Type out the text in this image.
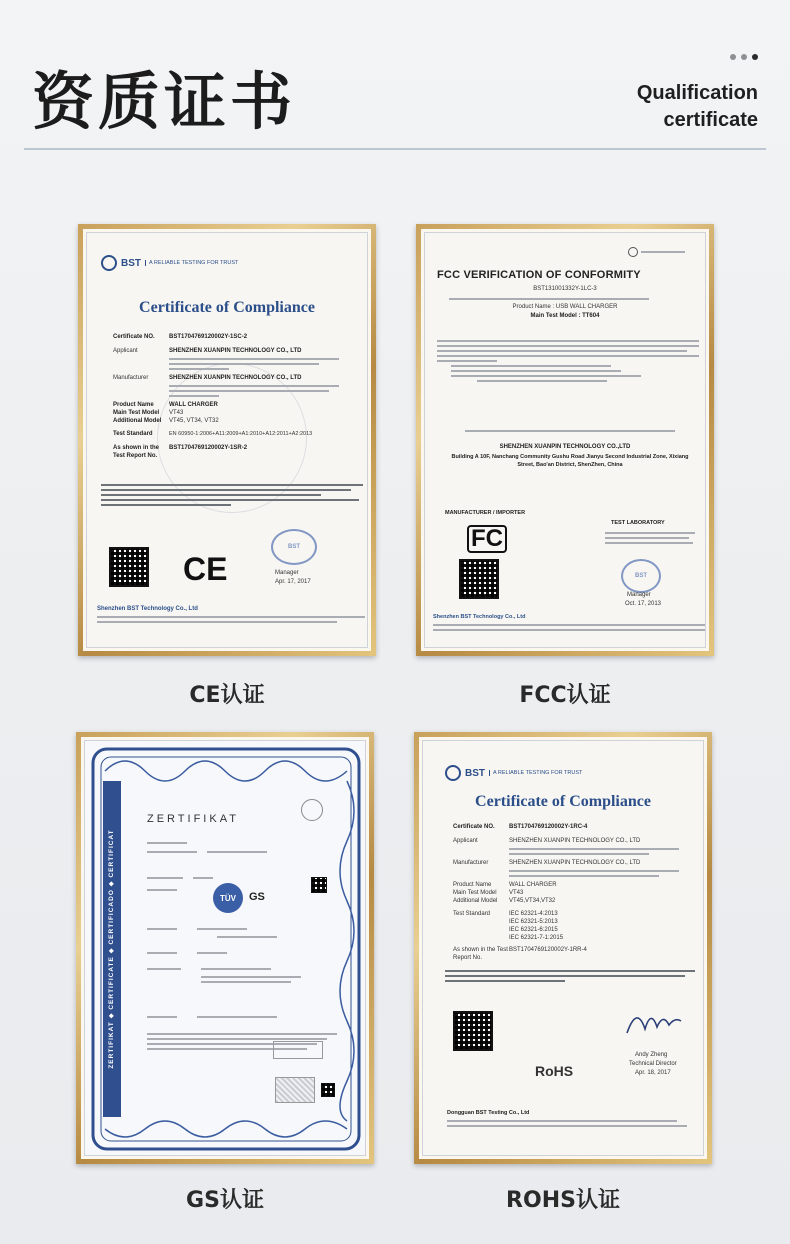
资质证书	Qualification
certificate
BST	A RELIABLE TESTING FOR TRUST
Certificate of Compliance
Certificate NO.	BST1704769120002Y-1SC-2
Applicant	SHENZHEN XUANPIN TECHNOLOGY CO., LTD
Manufacturer	SHENZHEN XUANPIN TECHNOLOGY CO., LTD
Product Name	WALL CHARGER
Main Test Model	VT43
Additional Model	VT45, VT34, VT32
Test Standard	EN 60950-1:2006+A11:2009+A1:2010+A12:2011+A2:2013
As shown in the Test Report No.
BST1704769120002Y-1SR-2
CE
BST
Manager
Apr. 17, 2017
Shenzhen BST Technology Co., Ltd
CE认证
FCC VERIFICATION OF CONFORMITY
BST131001332Y-1LC-3
Product Name : USB WALL CHARGER
Main Test Model : TT604
SHENZHEN XUANPIN TECHNOLOGY CO.,LTD
Building A 10F, Nanchang Community Gushu Road Jianyu Second Industrial Zone, Xixiang Street, Bao'an District, ShenZhen, China
MANUFACTURER / IMPORTER
TEST LABORATORY
FC
BST
Manager
Oct. 17, 2013
Shenzhen BST Technology Co., Ltd
FCC认证
ZERTIFIKAT ◆ CERTIFICATE ◆ CERTIFICADO ◆ CERTIFICAT
ZERTIFIKAT
TÜV	GS
GS认证
BST	A RELIABLE TESTING FOR TRUST
Certificate of Compliance
Certificate NO.	BST1704769120002Y-1RC-4
Applicant	SHENZHEN XUANPIN TECHNOLOGY CO., LTD
Manufacturer	SHENZHEN XUANPIN TECHNOLOGY CO., LTD
Product Name	WALL CHARGER
Main Test Model	VT43
Additional Model	VT45,VT34,VT32
Test Standard	IEC 62321-4:2013
IEC 62321-5:2013
IEC 62321-6:2015
IEC 62321-7-1:2015
As shown in the Test Report No.
BST1704769120002Y-1RR-4
RoHS
Andy Zheng
Technical Director
Apr. 18, 2017
Dongguan BST Testing Co., Ltd
ROHS认证
